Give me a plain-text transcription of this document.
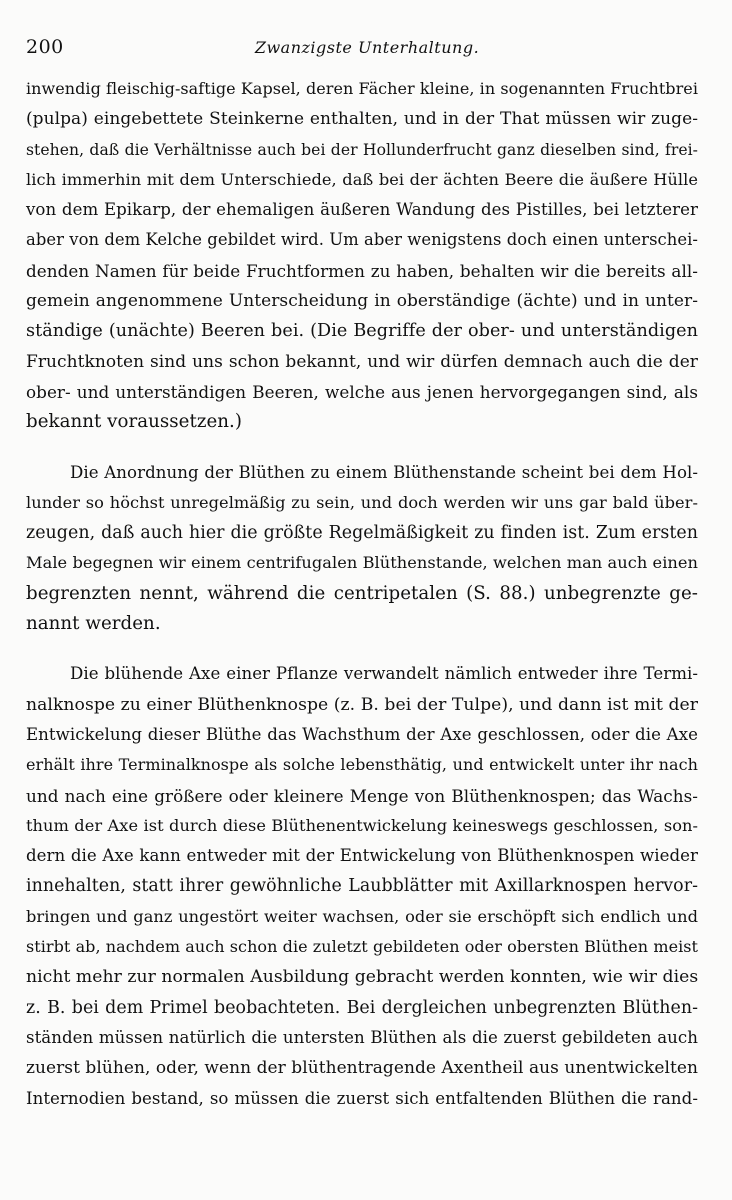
200	Zwanzigste Unterhaltung.
inwendig fleischig-saftige Kapsel, deren Fächer kleine, in sogenannten Fruchtbrei
(pulpa) eingebettete Steinkerne enthalten, und in der That müssen wir zuge-
stehen, daß die Verhältnisse auch bei der Hollunderfrucht ganz dieselben sind, frei-
lich immerhin mit dem Unterschiede, daß bei der ächten Beere die äußere Hülle
von dem Epikarp, der ehemaligen äußeren Wandung des Pistilles, bei letzterer
aber von dem Kelche gebildet wird. Um aber wenigstens doch einen unterschei-
denden Namen für beide Fruchtformen zu haben, behalten wir die bereits all-
gemein angenommene Unterscheidung in oberständige (ächte) und in unter-
ständige (unächte) Beeren bei. (Die Begriffe der ober- und unterständigen
Fruchtknoten sind uns schon bekannt, und wir dürfen demnach auch die der
ober- und unterständigen Beeren, welche aus jenen hervorgegangen sind, als
bekannt voraussetzen.)
Die Anordnung der Blüthen zu einem Blüthenstande scheint bei dem Hol-
lunder so höchst unregelmäßig zu sein, und doch werden wir uns gar bald über-
zeugen, daß auch hier die größte Regelmäßigkeit zu finden ist. Zum ersten
Male begegnen wir einem centrifugalen Blüthenstande, welchen man auch einen
begrenzten nennt, während die centripetalen (S. 88.) unbegrenzte ge-
nannt werden.
Die blühende Axe einer Pflanze verwandelt nämlich entweder ihre Termi-
nalknospe zu einer Blüthenknospe (z. B. bei der Tulpe), und dann ist mit der
Entwickelung dieser Blüthe das Wachsthum der Axe geschlossen, oder die Axe
erhält ihre Terminalknospe als solche lebensthätig, und entwickelt unter ihr nach
und nach eine größere oder kleinere Menge von Blüthenknospen; das Wachs-
thum der Axe ist durch diese Blüthenentwickelung keineswegs geschlossen, son-
dern die Axe kann entweder mit der Entwickelung von Blüthenknospen wieder
innehalten, statt ihrer gewöhnliche Laubblätter mit Axillarknospen hervor-
bringen und ganz ungestört weiter wachsen, oder sie erschöpft sich endlich und
stirbt ab, nachdem auch schon die zuletzt gebildeten oder obersten Blüthen meist
nicht mehr zur normalen Ausbildung gebracht werden konnten, wie wir dies
z. B. bei dem Primel beobachteten. Bei dergleichen unbegrenzten Blüthen-
ständen müssen natürlich die untersten Blüthen als die zuerst gebildeten auch
zuerst blühen, oder, wenn der blüthentragende Axentheil aus unentwickelten
Internodien bestand, so müssen die zuerst sich entfaltenden Blüthen die rand-
